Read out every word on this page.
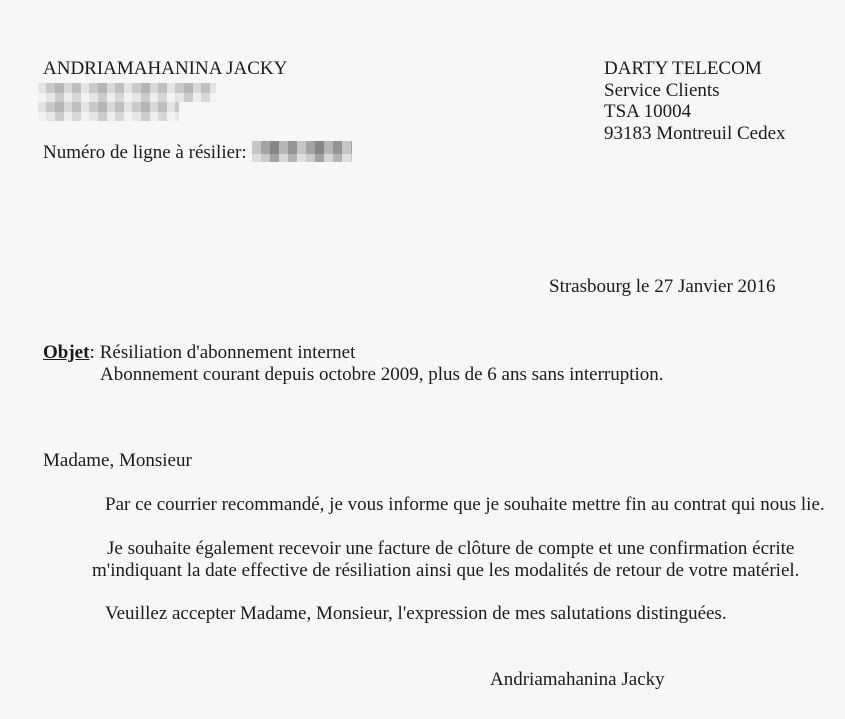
ANDRIAMAHANINA JACKY
Numéro de ligne à résilier:
DARTY TELECOM
Service Clients
TSA 10004
93183 Montreuil Cedex
Strasbourg le 27 Janvier 2016
Objet: Résiliation d'abonnement internet
Abonnement courant depuis octobre 2009, plus de 6 ans sans interruption.
Madame, Monsieur
Par ce courrier recommandé, je vous informe que je souhaite mettre fin au contrat qui nous lie.
Je souhaite également recevoir une facture de clôture de compte et une confirmation écrite
m'indiquant la date effective de résiliation ainsi que les modalités de retour de votre matériel.
Veuillez accepter Madame, Monsieur, l'expression de mes salutations distinguées.
Andriamahanina Jacky
